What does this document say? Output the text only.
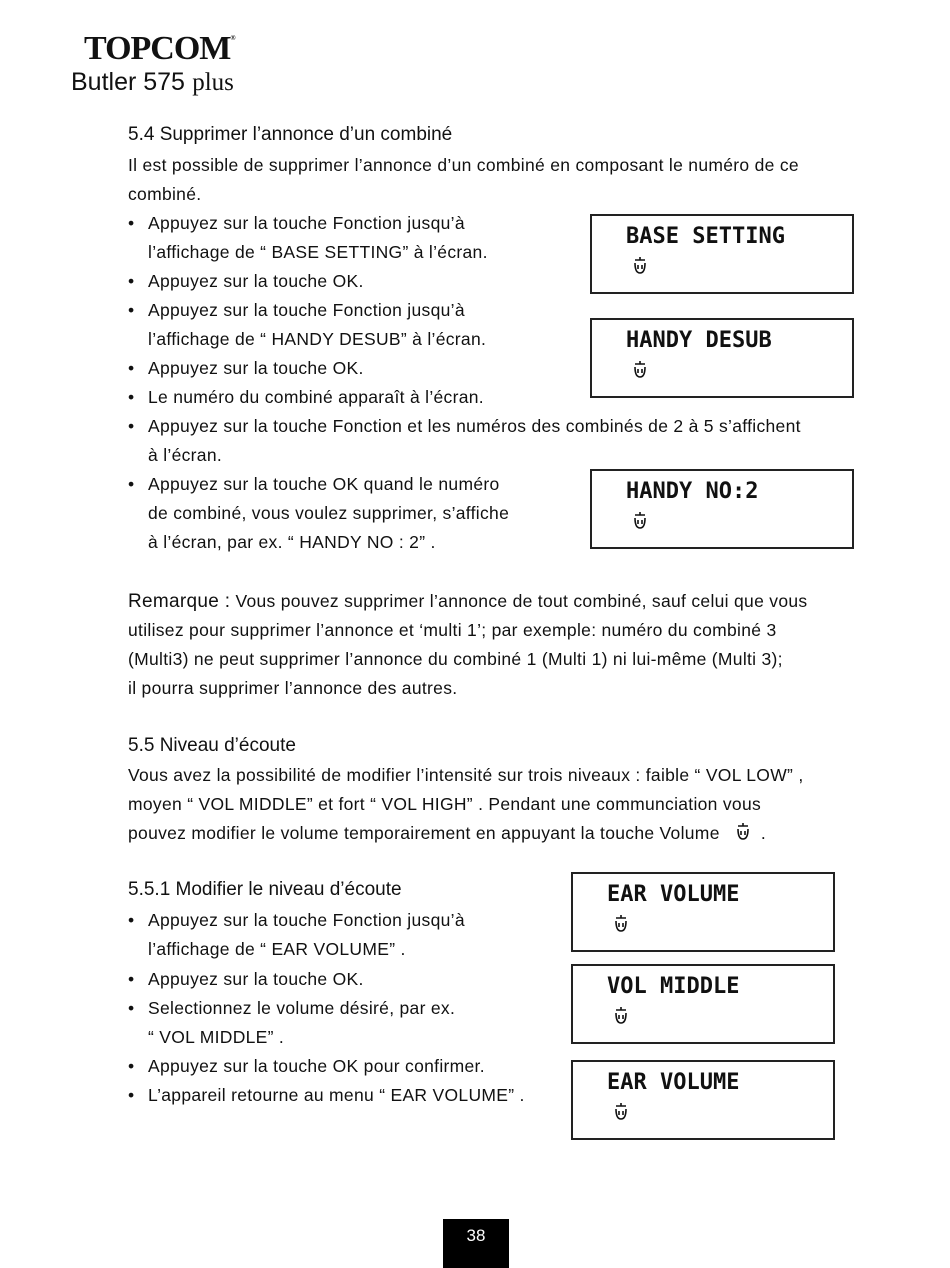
TOPCOM®
Butler 575 plus
5.4 Supprimer l’annonce d’un combiné
Il est possible de supprimer l’annonce d’un combiné en composant le numéro de ce
combiné.
• Appuyez sur la touche Fonction jusqu’à
l’affichage de “ BASE SETTING” à l’écran.
• Appuyez sur la touche OK.
• Appuyez sur la touche Fonction jusqu’à
l’affichage de “ HANDY DESUB” à l’écran.
• Appuyez sur la touche OK.
• Le numéro du combiné apparaît à l’écran.
• Appuyez sur la touche Fonction et les numéros des combinés de 2 à 5 s’affichent
à l’écran.
• Appuyez sur la touche OK quand le numéro
de combiné, vous voulez supprimer, s’affiche
à l’écran, par ex. “ HANDY NO : 2” .
BASE SETTING
HANDY DESUB
HANDY NO:2
Remarque : Vous pouvez supprimer l’annonce de tout combiné, sauf celui que vous
utilisez pour supprimer l’annonce et ‘multi 1’; par exemple: numéro du combiné 3
(Multi3) ne peut supprimer l’annonce du combiné 1 (Multi 1) ni lui-même (Multi 3);
il pourra supprimer l’annonce des autres.
5.5 Niveau d’écoute
Vous avez la possibilité de modifier l’intensité sur trois niveaux : faible “ VOL LOW” ,
moyen “ VOL MIDDLE” et fort “ VOL HIGH” . Pendant une communciation vous
pouvez modifier le volume temporairement en appuyant la touche Volume .
5.5.1 Modifier le niveau d’écoute
• Appuyez sur la touche Fonction jusqu’à
l’affichage de “ EAR VOLUME” .
• Appuyez sur la touche OK.
• Selectionnez le volume désiré, par ex.
“ VOL MIDDLE” .
• Appuyez sur la touche OK pour confirmer.
• L’appareil retourne au menu “ EAR VOLUME” .
EAR VOLUME
VOL MIDDLE
EAR VOLUME
38
